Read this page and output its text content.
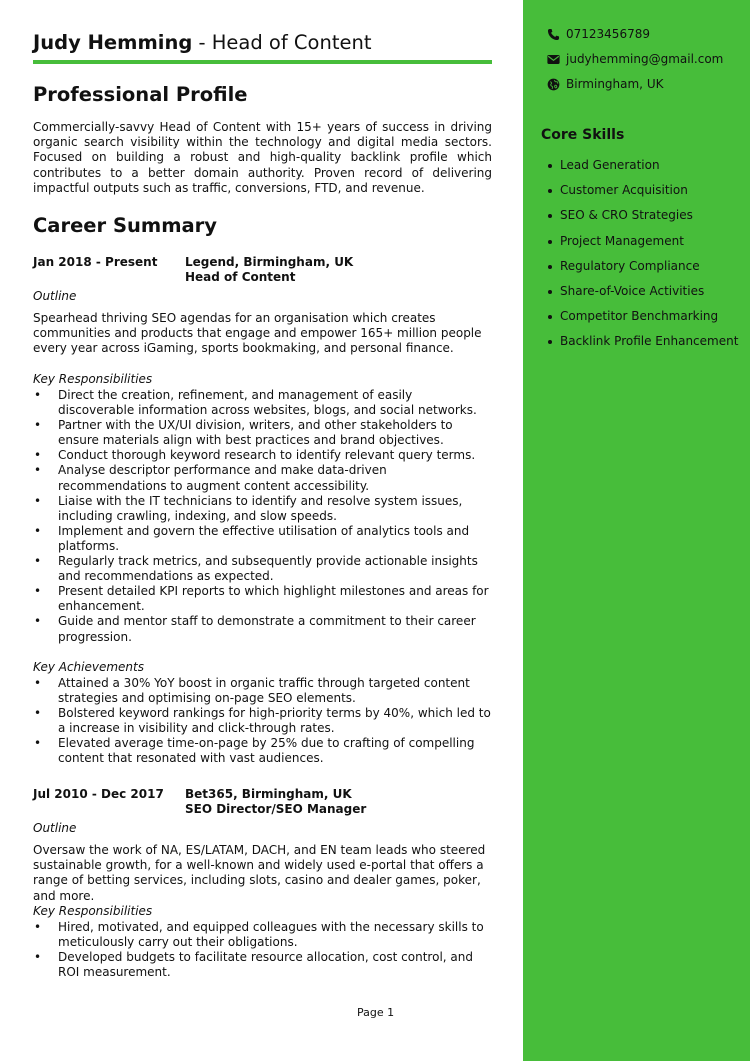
Judy Hemming - Head of Content
Professional Profile

Commercially-savvy Head of Content with 15+ years of success in driving organic search visibility within the technology and digital media sectors. Focused on building a robust and high-quality backlink profile which contributes to a better domain authority. Proven record of delivering impactful outputs such as traffic, conversions, FTD, and revenue.

Career Summary
Jan 2018 - Present Legend, Birmingham, UK
Head of Content
Outline

Spearhead thriving SEO agendas for an organisation which creates communities and products that engage and empower 165+ million people every year across iGaming, sports bookmaking, and personal finance.

Key Responsibilities
• Direct the creation, refinement, and management of easily discoverable information across websites, blogs, and social networks.
• Partner with the UX/UI division, writers, and other stakeholders to ensure materials align with best practices and brand objectives.
• Conduct thorough keyword research to identify relevant query terms.
• Analyse descriptor performance and make data-driven recommendations to augment content accessibility.
• Liaise with the IT technicians to identify and resolve system issues, including crawling, indexing, and slow speeds.
• Implement and govern the effective utilisation of analytics tools and platforms.
• Regularly track metrics, and subsequently provide actionable insights and recommendations as expected.
• Present detailed KPI reports to which highlight milestones and areas for enhancement.
• Guide and mentor staff to demonstrate a commitment to their career progression.
Key Achievements
• Attained a 30% YoY boost in organic traffic through targeted content strategies and optimising on-page SEO elements.
• Bolstered keyword rankings for high-priority terms by 40%, which led to a increase in visibility and click-through rates.
• Elevated average time-on-page by 25% due to crafting of compelling content that resonated with vast audiences.
Jul 2010 - Dec 2017 Bet365, Birmingham, UK
SEO Director/SEO Manager
Outline

Oversaw the work of NA, ES/LATAM, DACH, and EN team leads who steered sustainable growth, for a well-known and widely used e-portal that offers a range of betting services, including slots, casino and dealer games, poker, and more.

Key Responsibilities
• Hired, motivated, and equipped colleagues with the necessary skills to meticulously carry out their obligations.
• Developed budgets to facilitate resource allocation, cost control, and ROI measurement.
Page 1
07123456789
judyhemming@gmail.com
Birmingham, UK
Core Skills
Lead Generation
Customer Acquisition
SEO & CRO Strategies
Project Management
Regulatory Compliance
Share-of-Voice Activities
Competitor Benchmarking
Backlink Profile Enhancement
